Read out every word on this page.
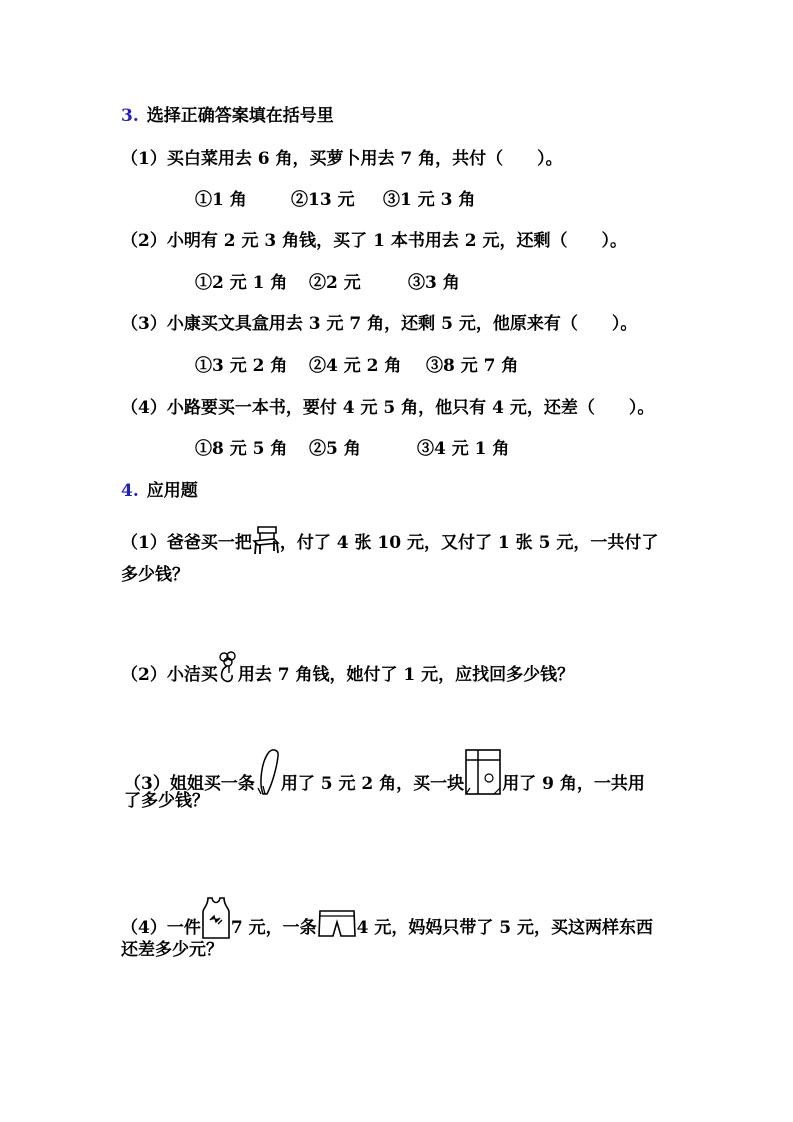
3. 选择正确答案填在括号里
（1）买白菜用去 6 角，买萝卜用去 7 角，共付（　　）。
①1 角	②13 元 ③1 元 3 角
（2）小明有 2 元 3 角钱，买了 1 本书用去 2 元，还剩（　　）。
①2 元 1 角 ②2 元	③3 角
（3）小康买文具盒用去 3 元 7 角，还剩 5 元，他原来有（　　）。
①3 元 2 角 ②4 元 2 角 ③8 元 7 角
（4）小路要买一本书，要付 4 元 5 角，他只有 4 元，还差（　　）。
①8 元 5 角 ②5 角	③4 元 1 角
4. 应用题
（1）爸爸买一把 ，付了 4 张 10 元，又付了 1 张 5 元，一共付了
多少钱？
（2）小洁买 用去 7 角钱，她付了 1 元，应找回多少钱？
（3）姐姐买一条 用了 5 元 2 角，买一块 用了 9 角，一共用
了多少钱？
（4）一件 7 元，一条 4 元，妈妈只带了 5 元，买这两样东西
还差多少元？
